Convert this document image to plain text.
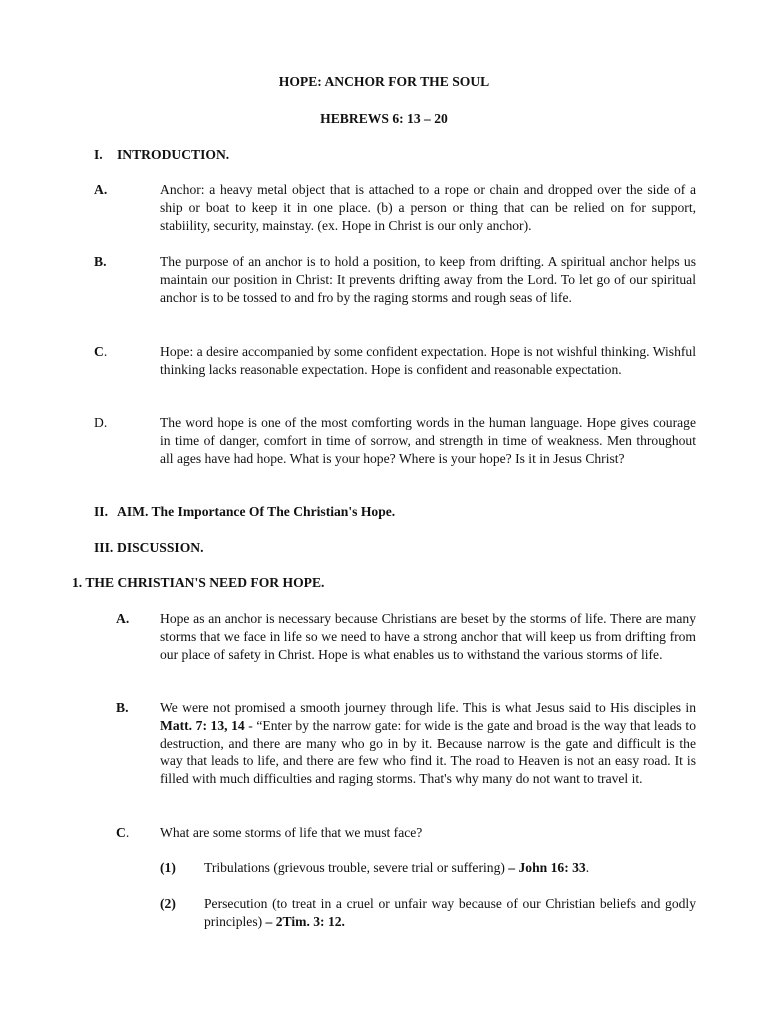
HOPE: ANCHOR FOR THE SOUL
HEBREWS 6: 13 – 20
I. INTRODUCTION.
A.	Anchor: a heavy metal object that is attached to a rope or chain and dropped over the side of a ship or boat to keep it in one place. (b) a person or thing that can be relied on for support, stabiility, security, mainstay. (ex. Hope in Christ is our only anchor).
B.	The purpose of an anchor is to hold a position, to keep from drifting. A spiritual anchor helps us maintain our position in Christ: It prevents drifting away from the Lord. To let go of our spiritual anchor is to be tossed to and fro by the raging storms and rough seas of life.
C.	Hope: a desire accompanied by some confident expectation. Hope is not wishful thinking. Wishful thinking lacks reasonable expectation. Hope is confident and reasonable expectation.
D.	The word hope is one of the most comforting words in the human language. Hope gives courage in time of danger, comfort in time of sorrow, and strength in time of weakness. Men throughout all ages have had hope. What is your hope? Where is your hope? Is it in Jesus Christ?
II. AIM. The Importance Of The Christian's Hope.
III. DISCUSSION.
1. THE CHRISTIAN'S NEED FOR HOPE.
A. Hope as an anchor is necessary because Christians are beset by the storms of life. There are many storms that we face in life so we need to have a strong anchor that will keep us from drifting from our place of safety in Christ. Hope is what enables us to withstand the various storms of life.
B. We were not promised a smooth journey through life. This is what Jesus said to His disciples in Matt. 7: 13, 14 - “Enter by the narrow gate: for wide is the gate and broad is the way that leads to destruction, and there are many who go in by it. Because narrow is the gate and difficult is the way that leads to life, and there are few who find it. The road to Heaven is not an easy road. It is filled with much difficulties and raging storms. That's why many do not want to travel it.
C. What are some storms of life that we must face?
(1) Tribulations (grievous trouble, severe trial or suffering) – John 16: 33.
(2) Persecution (to treat in a cruel or unfair way because of our Christian beliefs and godly principles) – 2Tim. 3: 12.
